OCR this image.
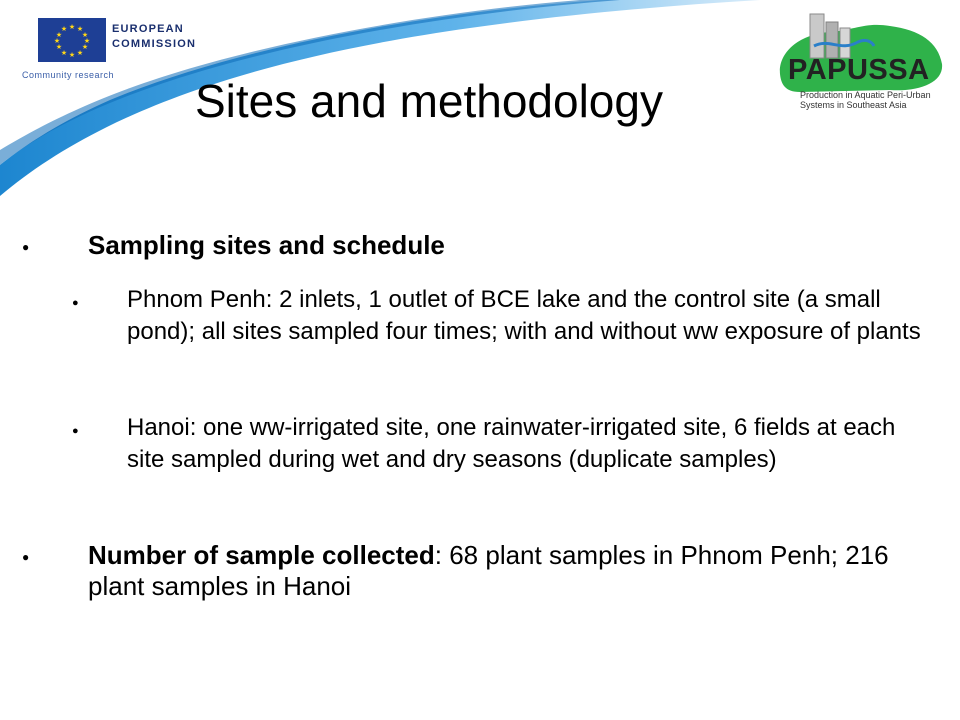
★ ★
★
★
★
★
★
★
★
★
★
★	EUROPEAN
COMMISSION
Community research	PAPUSSA
Production in Aquatic Peri-Urban
Systems in Southeast Asia
Sites and methodology
● Sampling sites and schedule
● Phnom Penh: 2 inlets, 1 outlet of BCE lake and the control site (a small pond); all sites sampled four times; with and without ww exposure of plants
● Hanoi: one ww-irrigated site, one rainwater-irrigated site, 6 fields at each site sampled during wet and dry seasons (duplicate samples)
● Number of sample collected: 68 plant samples in Phnom Penh; 216 plant samples in Hanoi
